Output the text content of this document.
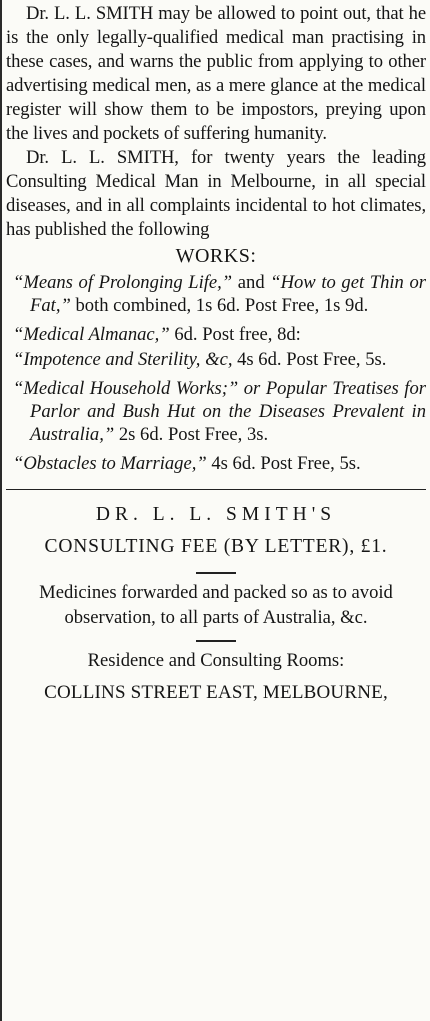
Dr. L. L. SMITH may be allowed to point out, that he is the only legally-qualified medical man practising in these cases, and warns the public from applying to other advertising medical men, as a mere glance at the medical register will show them to be impostors, preying upon the lives and pockets of suffering humanity.

Dr. L. L. SMITH, for twenty years the leading Consulting Medical Man in Melbourne, in all special diseases, and in all complaints incidental to hot climates, has published the following

WORKS:

“Means of Prolonging Life,” and “How to get Thin or Fat,” both combined, 1s 6d. Post Free, 1s 9d.

“Medical Almanac,” 6d. Post free, 8d:

“Impotence and Sterility, &c, 4s 6d. Post Free, 5s.

“Medical Household Works;” or Popular Treatises for Parlor and Bush Hut on the Diseases Prevalent in Australia,” 2s 6d. Post Free, 3s.

“Obstacles to Marriage,” 4s 6d. Post Free, 5s.

DR. L. L. SMITH'S

CONSULTING FEE (BY LETTER), £1.

Medicines forwarded and packed so as to avoid observation, to all parts of Australia, &c.

Residence and Consulting Rooms:

COLLINS STREET EAST, MELBOURNE,
